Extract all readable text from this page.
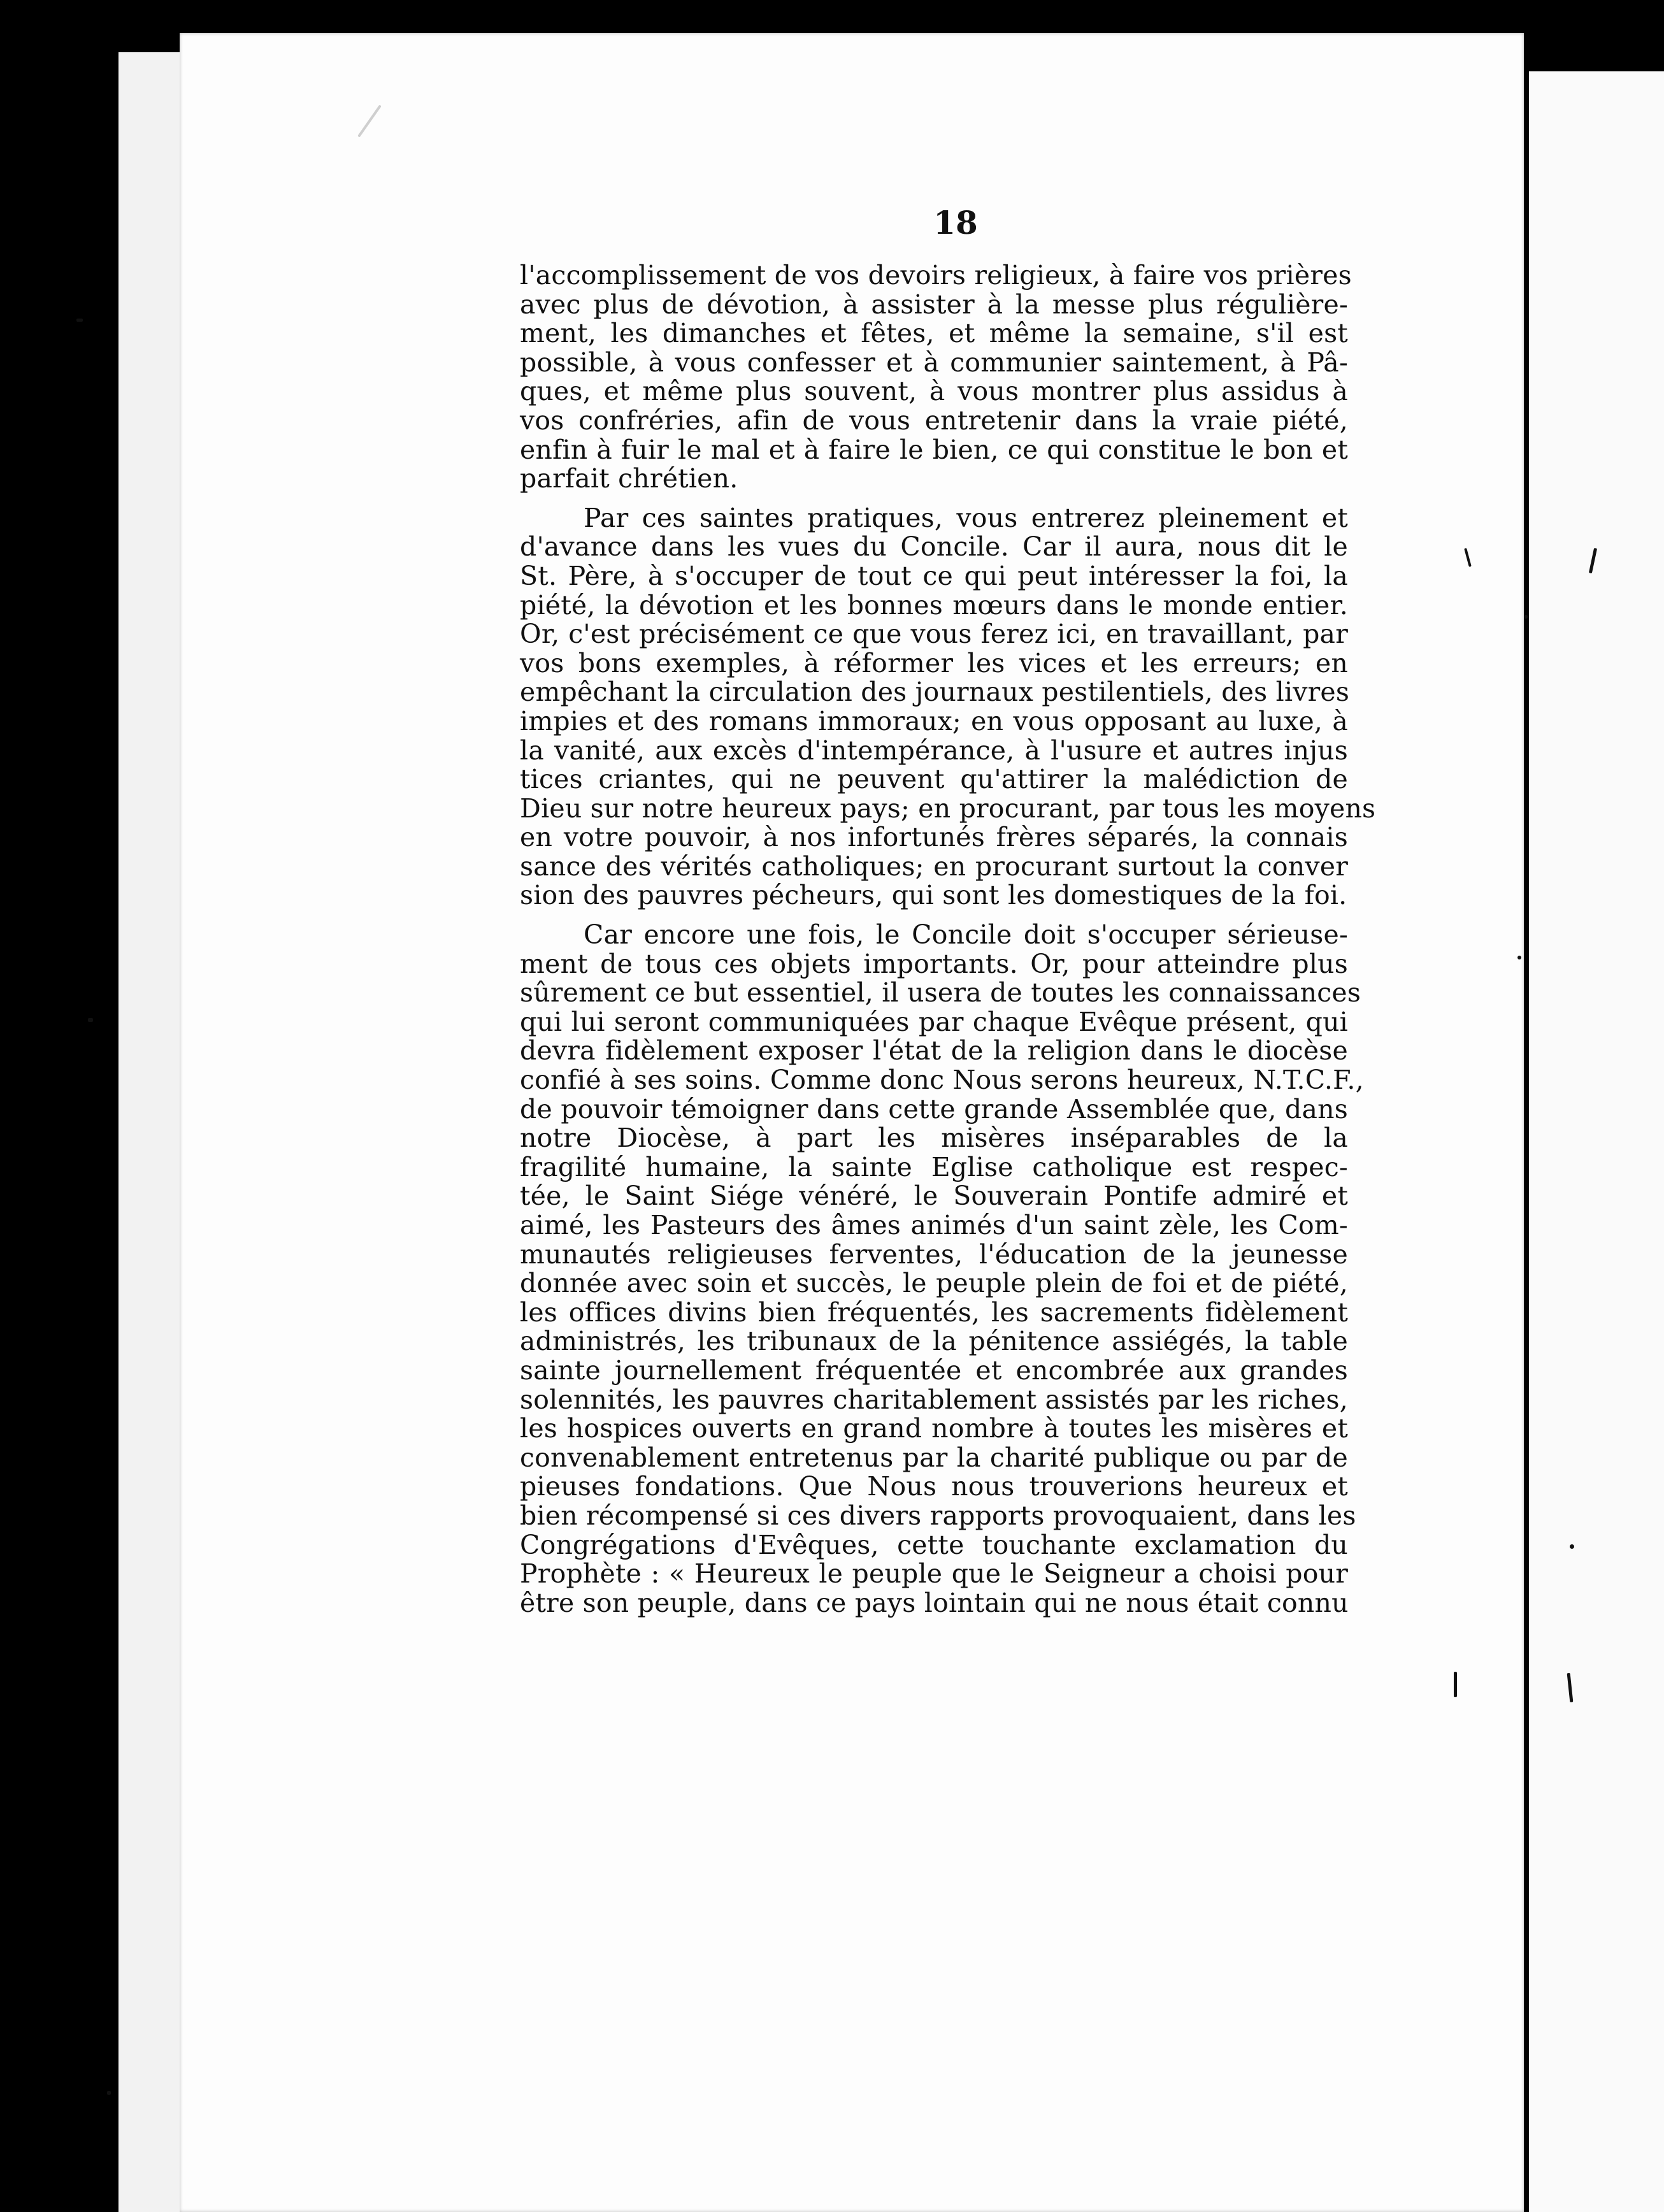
18
l'accomplissement de vos devoirs religieux, à faire vos prières
avec plus de dévotion, à assister à la messe plus régulière-
ment, les dimanches et fêtes, et même la semaine, s'il est
possible, à vous confesser et à communier saintement, à Pâ-
ques, et même plus souvent, à vous montrer plus assidus à
vos confréries, afin de vous entretenir dans la vraie piété,
enfin à fuir le mal et à faire le bien, ce qui constitue le bon et
parfait chrétien.
Par ces saintes pratiques, vous entrerez pleinement et
d'avance dans les vues du Concile. Car il aura, nous dit le
St. Père, à s'occuper de tout ce qui peut intéresser la foi, la
piété, la dévotion et les bonnes mœurs dans le monde entier.
Or, c'est précisément ce que vous ferez ici, en travaillant, par
vos bons exemples, à réformer les vices et les erreurs; en
empêchant la circulation des journaux pestilentiels, des livres
impies et des romans immoraux; en vous opposant au luxe, à
la vanité, aux excès d'intempérance, à l'usure et autres injus
tices criantes, qui ne peuvent qu'attirer la malédiction de
Dieu sur notre heureux pays; en procurant, par tous les moyens
en votre pouvoir, à nos infortunés frères séparés, la connais
sance des vérités catholiques; en procurant surtout la conver
sion des pauvres pécheurs, qui sont les domestiques de la foi.
Car encore une fois, le Concile doit s'occuper sérieuse-
ment de tous ces objets importants. Or, pour atteindre plus
sûrement ce but essentiel, il usera de toutes les connaissances
qui lui seront communiquées par chaque Evêque présent, qui
devra fidèlement exposer l'état de la religion dans le diocèse
confié à ses soins. Comme donc Nous serons heureux, N.T.C.F.,
de pouvoir témoigner dans cette grande Assemblée que, dans
notre Diocèse, à part les misères inséparables de la
fragilité humaine, la sainte Eglise catholique est respec-
tée, le Saint Siége vénéré, le Souverain Pontife admiré et
aimé, les Pasteurs des âmes animés d'un saint zèle, les Com-
munautés religieuses ferventes, l'éducation de la jeunesse
donnée avec soin et succès, le peuple plein de foi et de piété,
les offices divins bien fréquentés, les sacrements fidèlement
administrés, les tribunaux de la pénitence assiégés, la table
sainte journellement fréquentée et encombrée aux grandes
solennités, les pauvres charitablement assistés par les riches,
les hospices ouverts en grand nombre à toutes les misères et
convenablement entretenus par la charité publique ou par de
pieuses fondations. Que Nous nous trouverions heureux et
bien récompensé si ces divers rapports provoquaient, dans les
Congrégations d'Evêques, cette touchante exclamation du
Prophète : « Heureux le peuple que le Seigneur a choisi pour
être son peuple, dans ce pays lointain qui ne nous était connu
